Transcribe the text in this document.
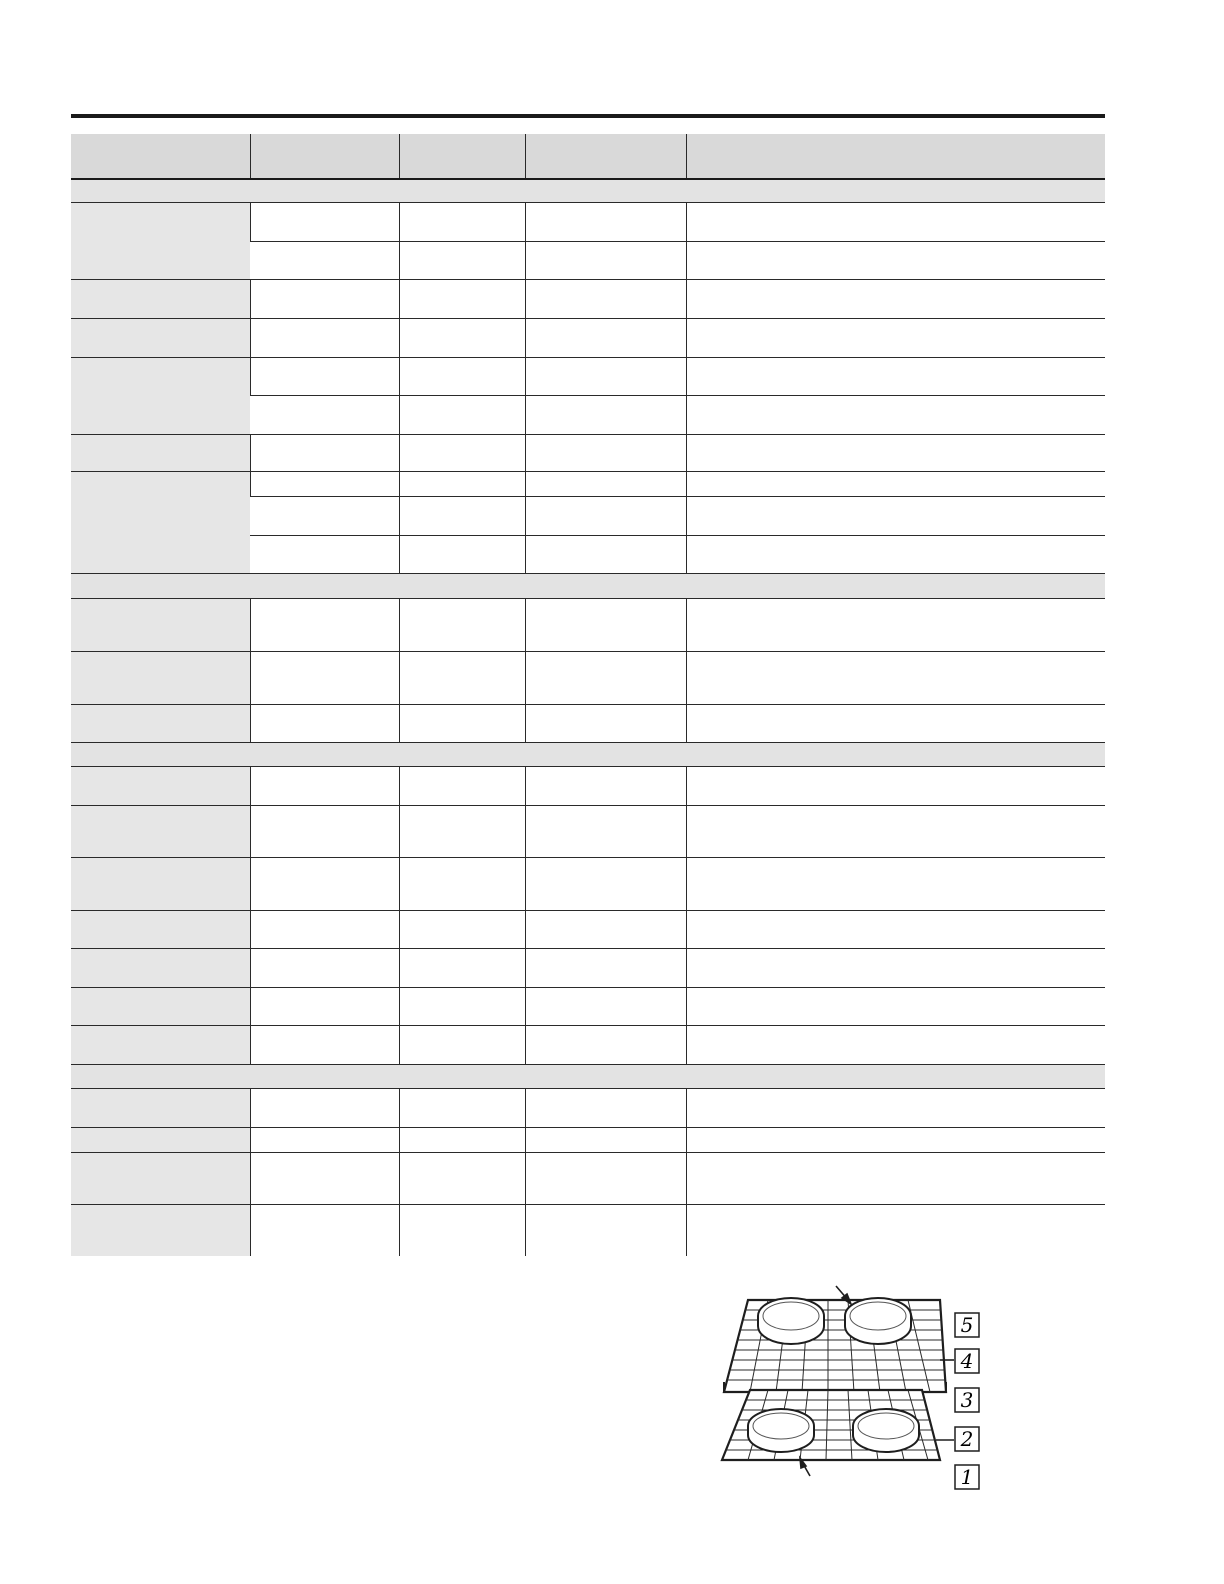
5
4
3
2
1
